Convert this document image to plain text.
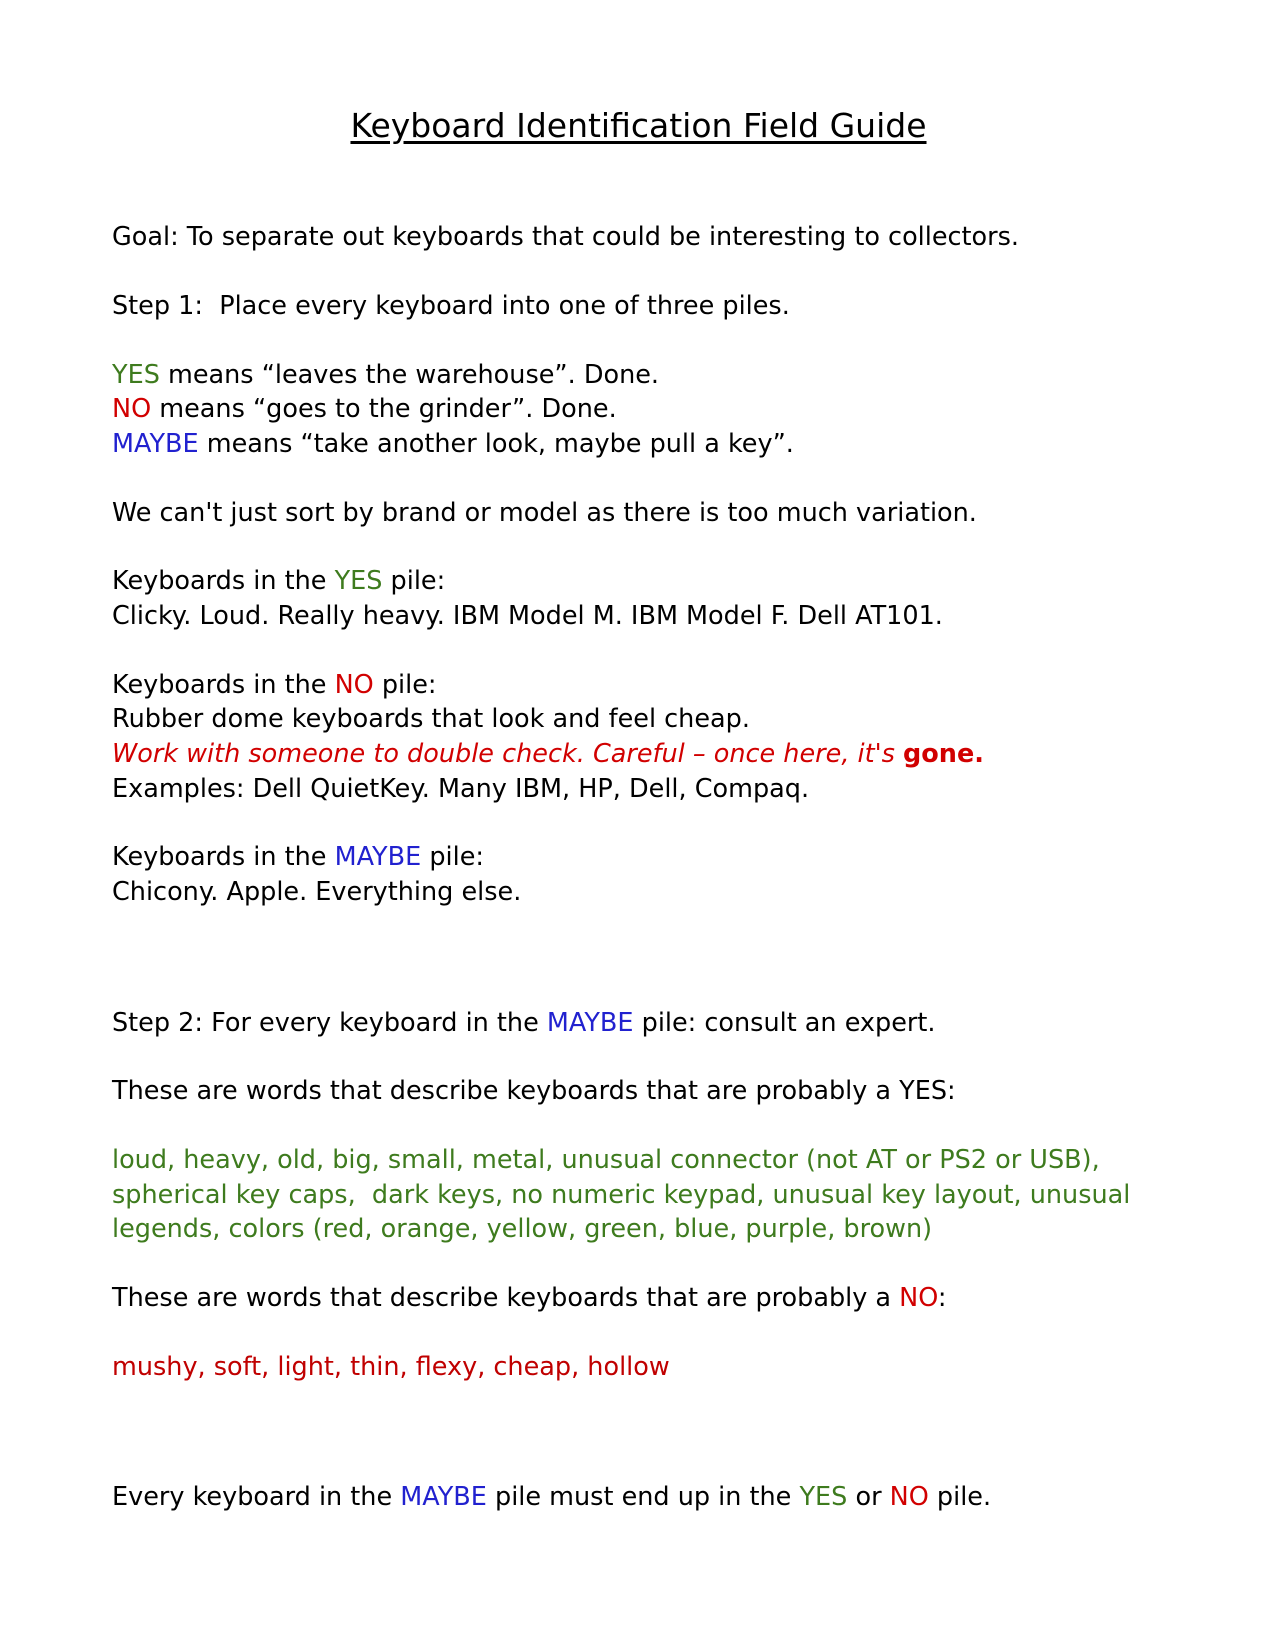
Keyboard Identification Field Guide

Goal: To separate out keyboards that could be interesting to collectors.

Step 1:  Place every keyboard into one of three piles.

YES means “leaves the warehouse”. Done.

NO means “goes to the grinder”. Done.

MAYBE means “take another look, maybe pull a key”.

We can't just sort by brand or model as there is too much variation.

Keyboards in the YES pile:

Clicky. Loud. Really heavy. IBM Model M. IBM Model F. Dell AT101.

Keyboards in the NO pile:

Rubber dome keyboards that look and feel cheap.

Work with someone to double check. Careful – once here, it's gone.

Examples: Dell QuietKey. Many IBM, HP, Dell, Compaq.

Keyboards in the MAYBE pile:

Chicony. Apple. Everything else.

Step 2: For every keyboard in the MAYBE pile: consult an expert.

These are words that describe keyboards that are probably a YES:

loud, heavy, old, big, small, metal, unusual connector (not AT or PS2 or USB), spherical key caps,  dark keys, no numeric keypad, unusual key layout, unusual legends, colors (red, orange, yellow, green, blue, purple, brown)

These are words that describe keyboards that are probably a NO:

mushy, soft, light, thin, flexy, cheap, hollow

Every keyboard in the MAYBE pile must end up in the YES or NO pile.
